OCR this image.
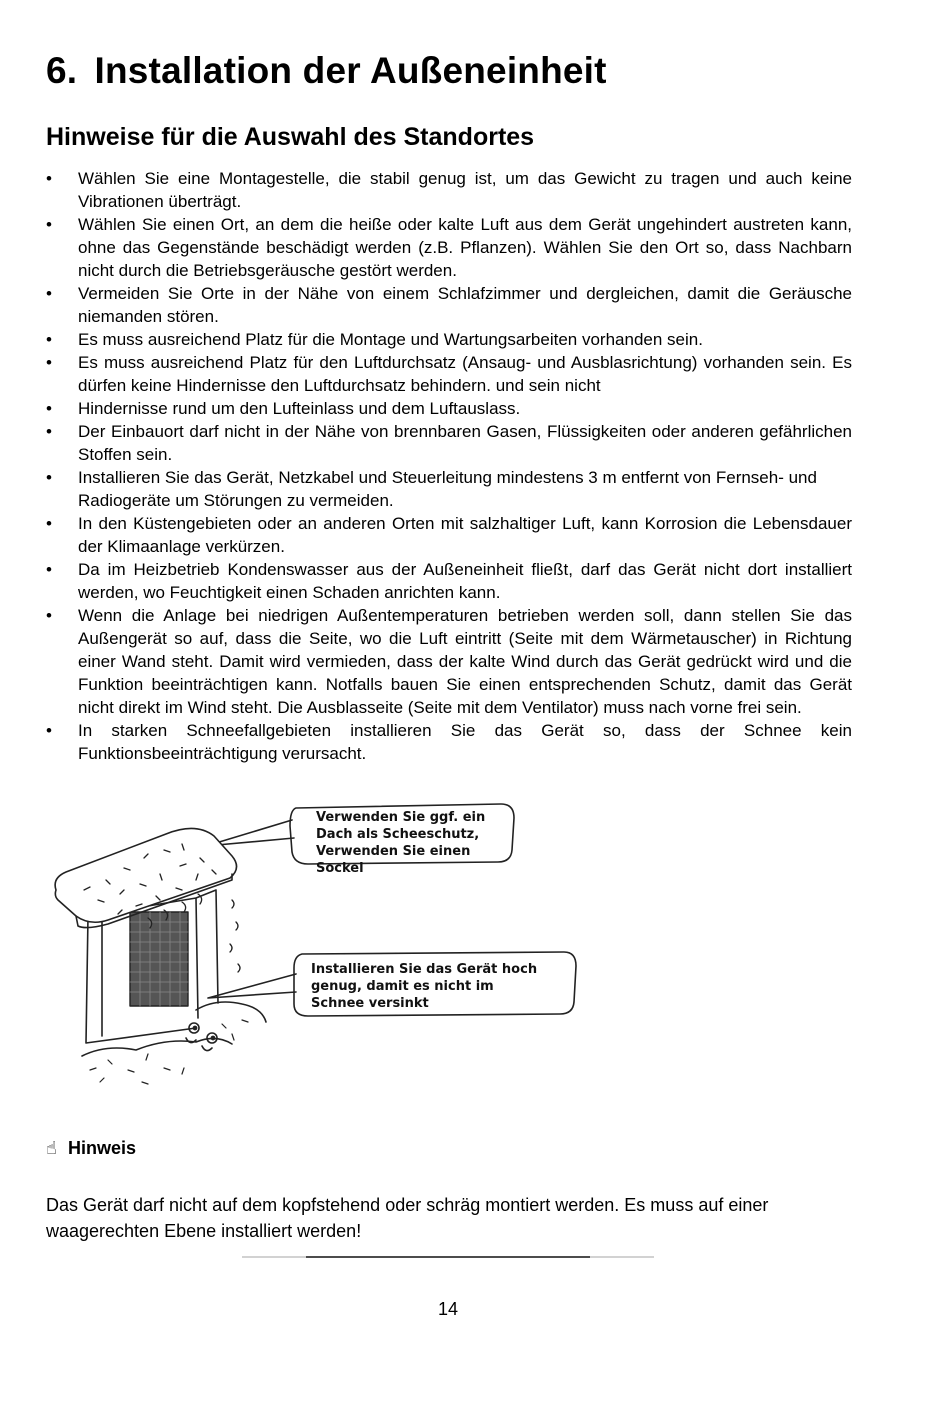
6. Installation der Außeneinheit
Hinweise für die Auswahl des Standortes
•	Wählen Sie eine Montagestelle, die stabil genug ist, um das Gewicht zu tragen und auch keine Vibrationen überträgt.
•	Wählen Sie einen Ort, an dem die heiße oder kalte Luft aus dem Gerät ungehindert austreten kann, ohne das Gegenstände beschädigt werden (z.B. Pflanzen). Wählen Sie den Ort so, dass Nachbarn nicht durch die Betriebsgeräusche gestört werden.
•	Vermeiden Sie Orte in der Nähe von einem Schlafzimmer und dergleichen, damit die Geräusche niemanden stören.
•	Es muss ausreichend Platz für die Montage und Wartungsarbeiten vorhanden sein.
•	Es muss ausreichend Platz für den Luftdurchsatz (Ansaug- und Ausblasrichtung) vorhanden sein. Es dürfen keine Hindernisse den Luftdurchsatz behindern. und sein nicht
•	Hindernisse rund um den Lufteinlass und dem Luftauslass.
•	Der Einbauort darf nicht in der Nähe von brennbaren Gasen, Flüssigkeiten oder anderen gefährlichen Stoffen sein.
•	Installieren Sie das Gerät, Netzkabel und Steuerleitung mindestens 3 m entfernt von Fernseh- und Radiogeräte um Störungen zu vermeiden.
•	In den Küstengebieten oder an anderen Orten mit salzhaltiger Luft, kann Korrosion die Lebensdauer der Klimaanlage verkürzen.
•	Da im Heizbetrieb Kondenswasser aus der Außeneinheit fließt, darf das Gerät nicht dort installiert werden, wo Feuchtigkeit einen Schaden anrichten kann.
•	Wenn die Anlage bei niedrigen Außentemperaturen betrieben werden soll, dann stellen Sie das Außengerät so auf, dass die Seite, wo die Luft eintritt (Seite mit dem Wärmetauscher) in Richtung einer Wand steht. Damit wird vermieden, dass der kalte Wind durch das Gerät gedrückt wird und die Funktion beeinträchtigen kann. Notfalls bauen Sie einen entsprechenden Schutz, damit das Gerät nicht direkt im Wind steht. Die Ausblasseite (Seite mit dem Ventilator) muss nach vorne frei sein.
•	In starken Schneefallgebieten installieren Sie das Gerät so, dass der Schnee kein Funktionsbeeinträchtigung verursacht.
Verwenden Sie ggf. ein Dach als Scheeschutz, Verwenden Sie einen Sockel
Installieren Sie das Gerät hoch genug, damit es nicht im Schnee versinkt
☝ Hinweis
Das Gerät darf nicht auf dem kopfstehend oder schräg montiert werden. Es muss auf einer waagerechten Ebene installiert werden!
14
